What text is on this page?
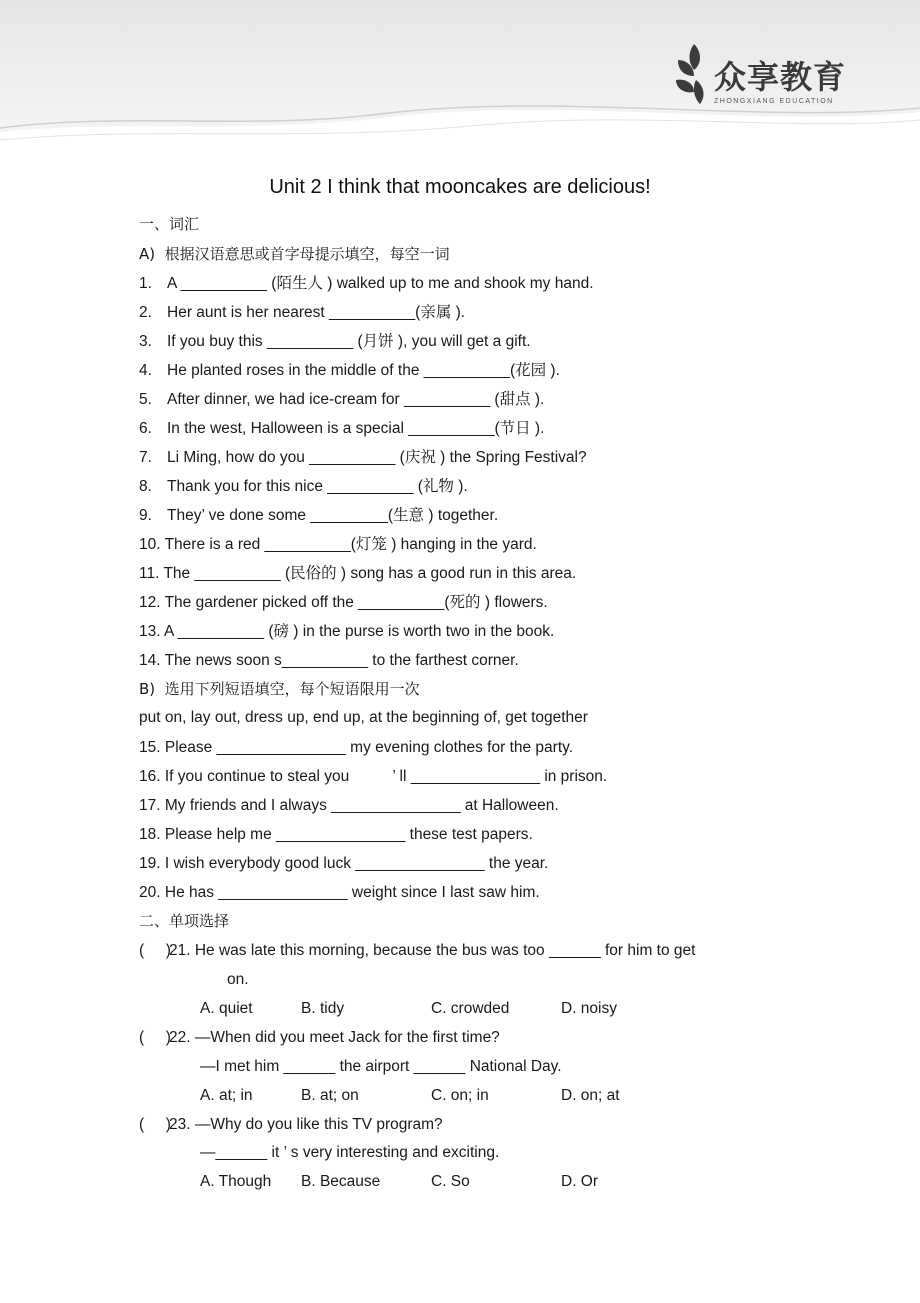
众享教育
ZHONGXIANG EDUCATION
Unit 2 I think that mooncakes are delicious!
一、词汇
A)  根据汉语意思或首字母提示填空，每空一词
1. A __________ (陌生人 ) walked up to me and shook my hand.
2. Her aunt is her nearest __________(亲属 ).
3. If you buy this __________ (月饼 ), you will get a gift.
4. He planted roses in the middle of the __________(花园 ).
5. After dinner, we had ice-cream for __________ (甜点 ).
6. In the west, Halloween is a special __________(节日 ).
7. Li Ming, how do you __________ (庆祝 ) the Spring Festival?
8. Thank you for this nice __________ (礼物 ).
9. They’ ve done some _________(生意 ) together.
10. There is a red __________(灯笼 ) hanging in the yard.
11. The __________ (民俗的 ) song has a good run in this area.
12. The gardener picked off the __________(死的 ) flowers.
13. A __________ (磅 ) in the purse is worth two in the book.
14. The news soon s__________ to the farthest corner.
B)  选用下列短语填空，每个短语限用一次
put on, lay out, dress up, end up, at the beginning of, get together
15. Please _______________ my evening clothes for the party.
16. If you continue to steal you          ’ ll _______________ in prison.
17. My friends and I always _______________ at Halloween.
18. Please help me _______________ these test papers.
19. I wish everybody good luck _______________ the year.
20. He has _______________ weight since I last saw him.
二、单项选择
(     )21. He was late this morning, because the bus was too ______ for him to get
on.
A. quiet	B. tidy	C. crowded	D. noisy
(     )22. —When did you meet Jack for the first time?
—I met him ______ the airport ______ National Day.
A. at; in	B. at; on	C. on; in	D. on; at
(     )23. —Why do you like this TV program?
—______ it ’ s very interesting and exciting.
A. Though B. Because	C. So	D. Or
